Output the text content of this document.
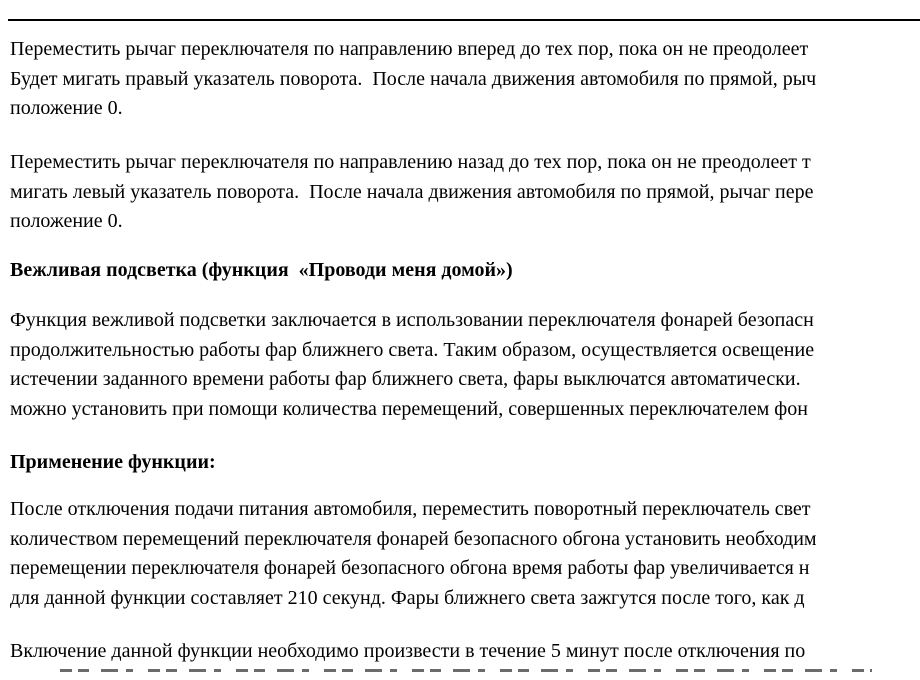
Переместить рычаг переключателя по направлению вперед до тех пор, пока он не преодолеет
Будет мигать правый указатель поворота.  После начала движения автомобиля по прямой, рыч
положение 0.
Переместить рычаг переключателя по направлению назад до тех пор, пока он не преодолеет т
мигать левый указатель поворота.  После начала движения автомобиля по прямой, рычаг пере
положение 0.
Вежливая подсветка (функция  «Проводи меня домой»)
Функция вежливой подсветки заключается в использовании переключателя фонарей безопасн
продолжительностью работы фар ближнего света. Таким образом, осуществляется освещение
истечении заданного времени работы фар ближнего света, фары выключатся автоматически.
можно установить при помощи количества перемещений, совершенных переключателем фон
Применение функции:
После отключения подачи питания автомобиля, переместить поворотный переключатель свет
количеством перемещений переключателя фонарей безопасного обгона установить необходим
перемещении переключателя фонарей безопасного обгона время работы фар увеличивается н
для данной функции составляет 210 секунд. Фары ближнего света зажгутся после того, как д
Включение данной функции необходимо произвести в течение 5 минут после отключения по
